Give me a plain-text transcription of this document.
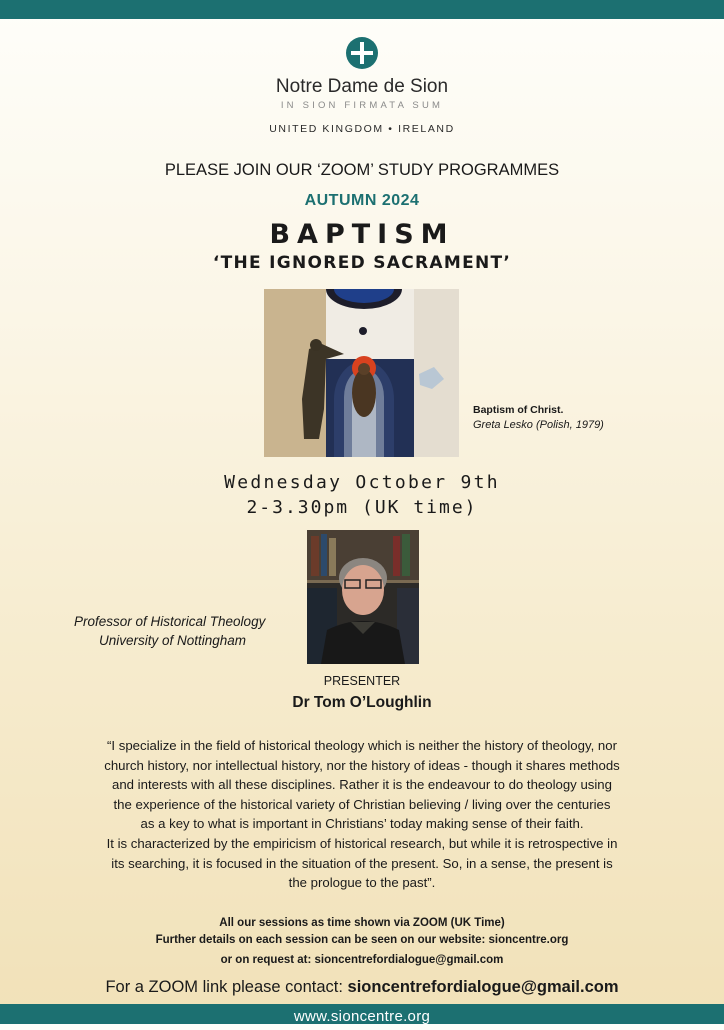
Notre Dame de Sion
IN SION FIRMATA SUM
UNITED KINGDOM • IRELAND
PLEASE JOIN OUR ‘ZOOM’ STUDY PROGRAMMES
AUTUMN 2024
BAPTISM
‘THE IGNORED SACRAMENT’
Baptism of Christ.
Greta Lesko (Polish, 1979)
Wednesday October 9th
2-3.30pm (UK time)
Professor of Historical Theology
University of Nottingham
PRESENTER
Dr Tom O’Loughlin
“I specialize in the field of historical theology which is neither the history of theology, nor
church history, nor intellectual history, nor the history of ideas - though it shares methods
and interests with all these disciplines. Rather it is the endeavour to do theology using
the experience of the historical variety of Christian believing / living over the centuries
as a key to what is important in Christians’ today making sense of their faith.
It is characterized by the empiricism of historical research, but while it is retrospective in
its searching, it is focused in the situation of the present. So, in a sense, the present is
the prologue to the past”.
All our sessions as time shown via ZOOM (UK Time)
Further details on each session can be seen on our website: sioncentre.org
or on request at: sioncentrefordialogue@gmail.com
For a ZOOM link please contact: sioncentrefordialogue@gmail.com
www.sioncentre.org
